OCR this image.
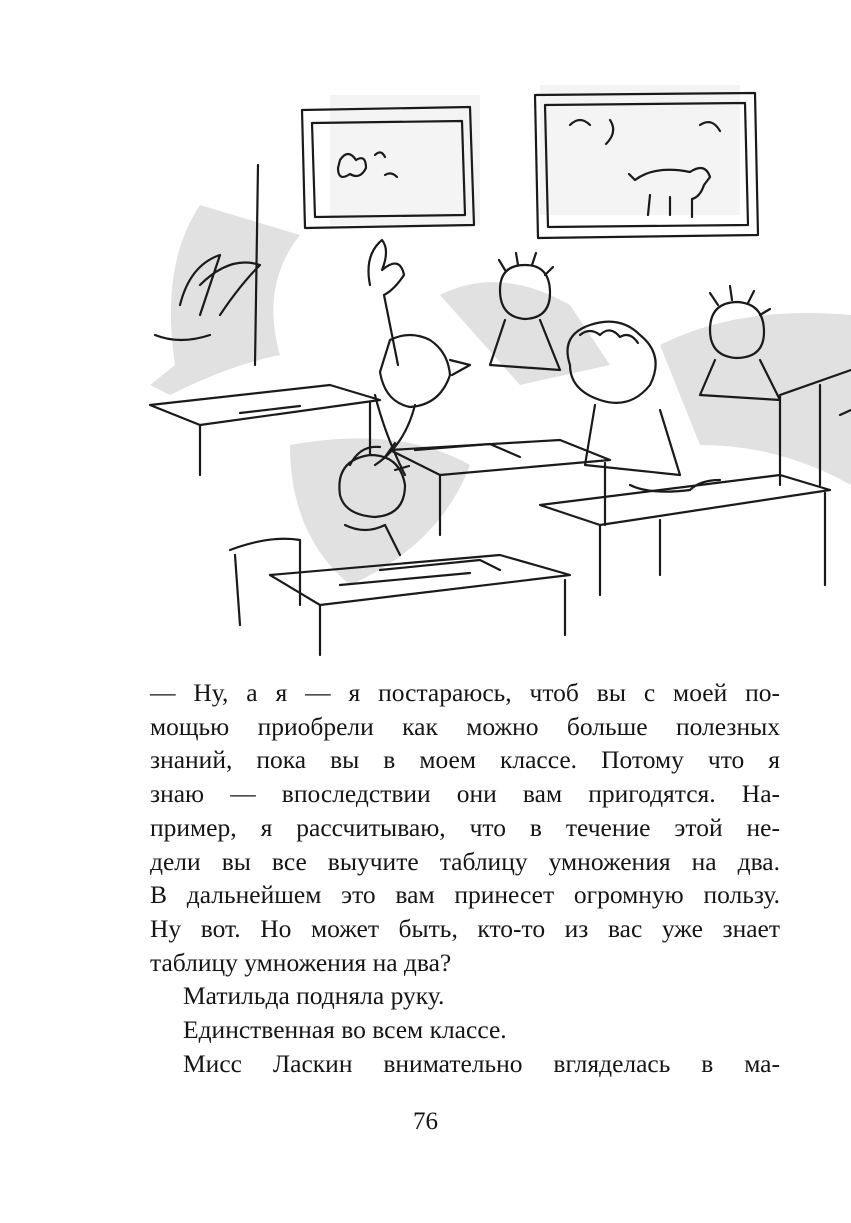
— Ну, а я — я постараюсь, чтоб вы с моей по-
мощью приобрели как можно больше полезных
знаний, пока вы в моем классе. Потому что я
знаю — впоследствии они вам пригодятся. На-
пример, я рассчитываю, что в течение этой не-
дели вы все выучите таблицу умножения на два.
В дальнейшем это вам принесет огромную пользу.
Ну вот. Но может быть, кто-то из вас уже знает
таблицу умножения на два?
Матильда подняла руку.
Единственная во всем классе.
Мисс Ласкин внимательно вгляделась в ма-
76
